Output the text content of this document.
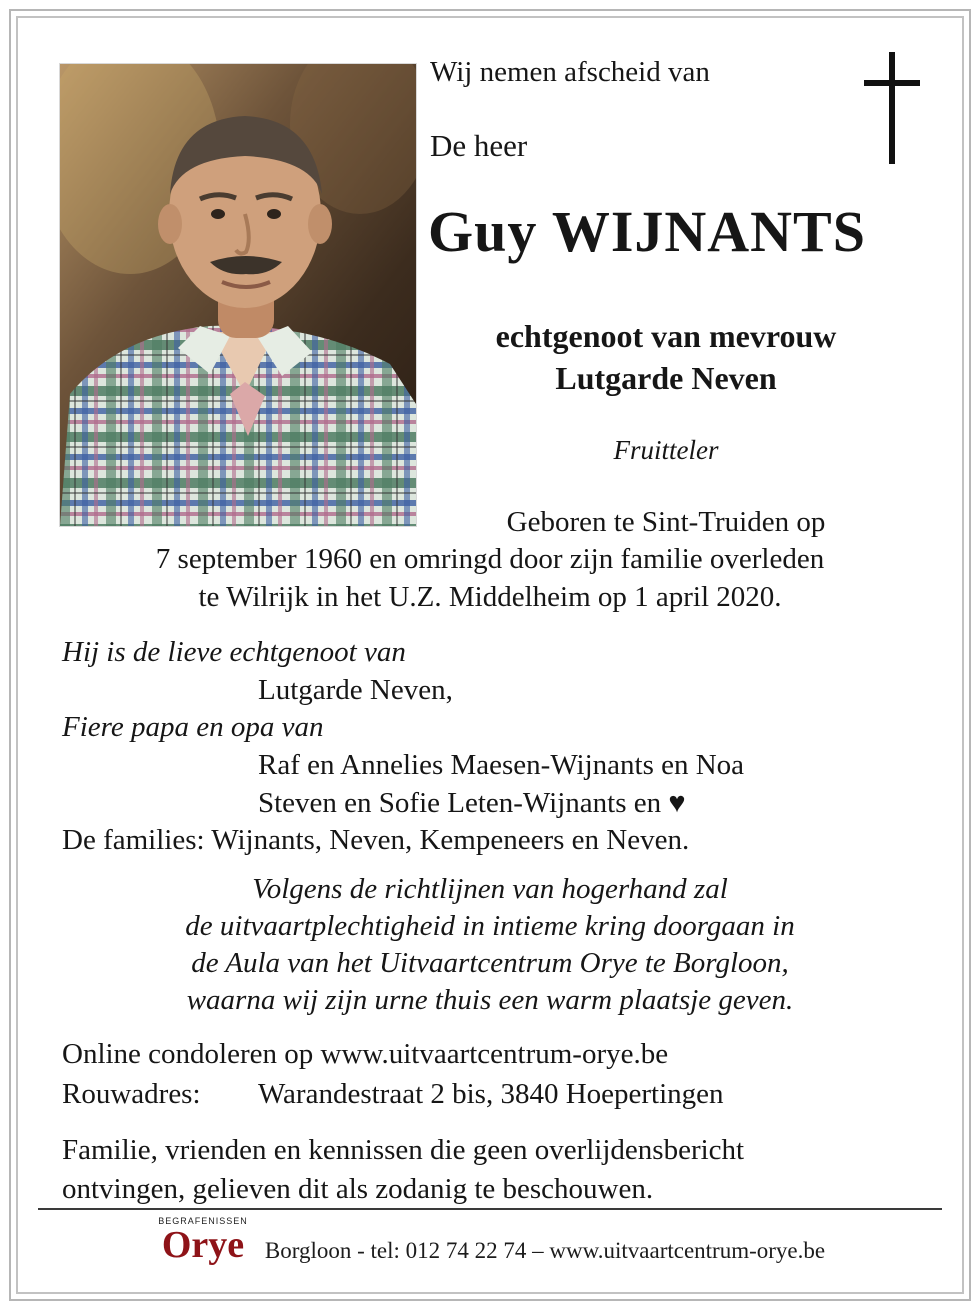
Wij nemen afscheid van
De heer
Guy WIJNANTS
echtgenoot van mevrouw
Lutgarde Neven
Fruitteler
Geboren te Sint-Truiden op
7 september 1960 en omringd door zijn familie overleden
te Wilrijk in het U.Z. Middelheim op 1 april 2020.
Hij is de lieve echtgenoot van
Lutgarde Neven,
Fiere papa en opa van
Raf en Annelies Maesen-Wijnants en Noa
Steven en Sofie Leten-Wijnants en ♥
De families: Wijnants, Neven, Kempeneers en Neven.
Volgens de richtlijnen van hogerhand zal
de uitvaartplechtigheid in intieme kring doorgaan in
de Aula van het Uitvaartcentrum Orye te Borgloon,
waarna wij zijn urne thuis een warm plaatsje geven.
Online condoleren op www.uitvaartcentrum-orye.be
Rouwadres: Warandestraat 2 bis, 3840 Hoepertingen
Familie, vrienden en kennissen die geen overlijdensbericht
ontvingen, gelieven dit als zodanig te beschouwen.
BEGRAFENISSEN
Orye Borgloon - tel: 012 74 22 74 – www.uitvaartcentrum-orye.be
